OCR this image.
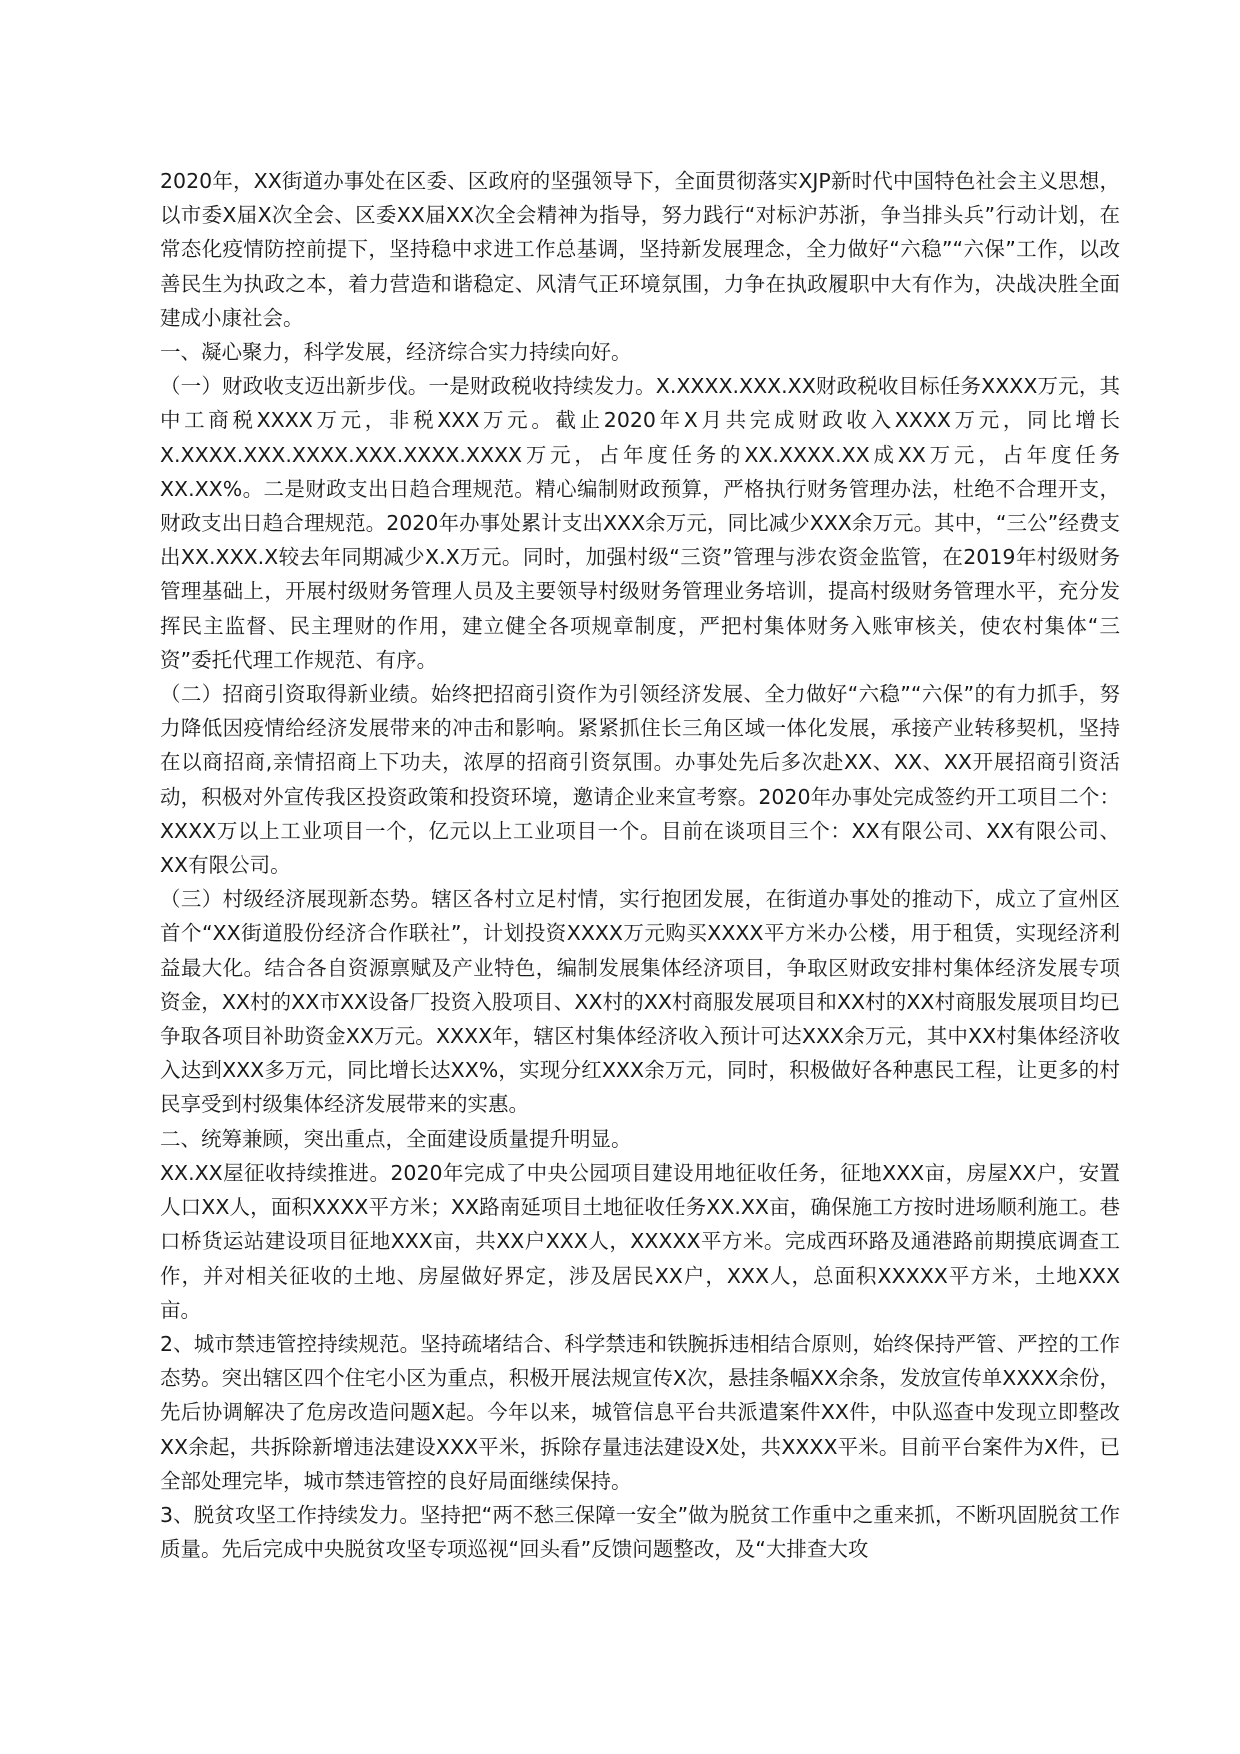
2020年，XX街道办事处在区委、区政府的坚强领导下，全面贯彻落实XJP新时代中国特色社会主义思想，以市委X届X次全会、区委XX届XX次全会精神为指导，努力践行“对标沪苏浙，争当排头兵”行动计划，在常态化疫情防控前提下，坚持稳中求进工作总基调，坚持新发展理念，全力做好“六稳”“六保”工作，以改善民生为执政之本，着力营造和谐稳定、风清气正环境氛围，力争在执政履职中大有作为，决战决胜全面建成小康社会。

一、凝心聚力，科学发展，经济综合实力持续向好。

（一）财政收支迈出新步伐。一是财政税收持续发力。X.XXXX.XXX.XX财政税收目标任务XXXX万元，其中工商税XXXX万元，非税XXX万元。截止2020年X月共完成财政收入XXXX万元，同比增长X.XXXX.XXX.XXXX.XXX.XXXX.XXXX万元，占年度任务的XX.XXXX.XX成XX万元，占年度任务XX.XX%。二是财政支出日趋合理规范。精心编制财政预算，严格执行财务管理办法，杜绝不合理开支，财政支出日趋合理规范。2020年办事处累计支出XXX余万元，同比减少XXX余万元。其中，“三公”经费支出XX.XXX.X较去年同期减少X.X万元。同时，加强村级“三资”管理与涉农资金监管，在2019年村级财务管理基础上，开展村级财务管理人员及主要领导村级财务管理业务培训，提高村级财务管理水平，充分发挥民主监督、民主理财的作用，建立健全各项规章制度，严把村集体财务入账审核关，使农村集体“三资”委托代理工作规范、有序。

（二）招商引资取得新业绩。始终把招商引资作为引领经济发展、全力做好“六稳”“六保”的有力抓手，努力降低因疫情给经济发展带来的冲击和影响。紧紧抓住长三角区域一体化发展，承接产业转移契机，坚持在以商招商,亲情招商上下功夫，浓厚的招商引资氛围。办事处先后多次赴XX、XX、XX开展招商引资活动，积极对外宣传我区投资政策和投资环境，邀请企业来宣考察。2020年办事处完成签约开工项目二个：XXXX万以上工业项目一个，亿元以上工业项目一个。目前在谈项目三个：XX有限公司、XX有限公司、XX有限公司。

（三）村级经济展现新态势。辖区各村立足村情，实行抱团发展，在街道办事处的推动下，成立了宣州区首个“XX街道股份经济合作联社”，计划投资XXXX万元购买XXXX平方米办公楼，用于租赁，实现经济利益最大化。结合各自资源禀赋及产业特色，编制发展集体经济项目，争取区财政安排村集体经济发展专项资金，XX村的XX市XX设备厂投资入股项目、XX村的XX村商服发展项目和XX村的XX村商服发展项目均已争取各项目补助资金XX万元。XXXX年，辖区村集体经济收入预计可达XXX余万元，其中XX村集体经济收入达到XXX多万元，同比增长达XX%，实现分红XXX余万元，同时，积极做好各种惠民工程，让更多的村民享受到村级集体经济发展带来的实惠。

二、统筹兼顾，突出重点，全面建设质量提升明显。

XX.XX屋征收持续推进。2020年完成了中央公园项目建设用地征收任务，征地XXX亩，房屋XX户，安置人口XX人，面积XXXX平方米；XX路南延项目土地征收任务XX.XX亩，确保施工方按时进场顺利施工。巷口桥货运站建设项目征地XXX亩，共XX户XXX人，XXXXX平方米。完成西环路及通港路前期摸底调查工作，并对相关征收的土地、房屋做好界定，涉及居民XX户，XXX人，总面积XXXXX平方米，土地XXX亩。

2、城市禁违管控持续规范。坚持疏堵结合、科学禁违和铁腕拆违相结合原则，始终保持严管、严控的工作态势。突出辖区四个住宅小区为重点，积极开展法规宣传X次，悬挂条幅XX余条，发放宣传单XXXX余份，先后协调解决了危房改造问题X起。今年以来，城管信息平台共派遣案件XX件，中队巡查中发现立即整改XX余起，共拆除新增违法建设XXX平米，拆除存量违法建设X处，共XXXX平米。目前平台案件为X件，已全部处理完毕，城市禁违管控的良好局面继续保持。

3、脱贫攻坚工作持续发力。坚持把“两不愁三保障一安全”做为脱贫工作重中之重来抓，不断巩固脱贫工作质量。先后完成中央脱贫攻坚专项巡视“回头看”反馈问题整改，及“大排查大攻
